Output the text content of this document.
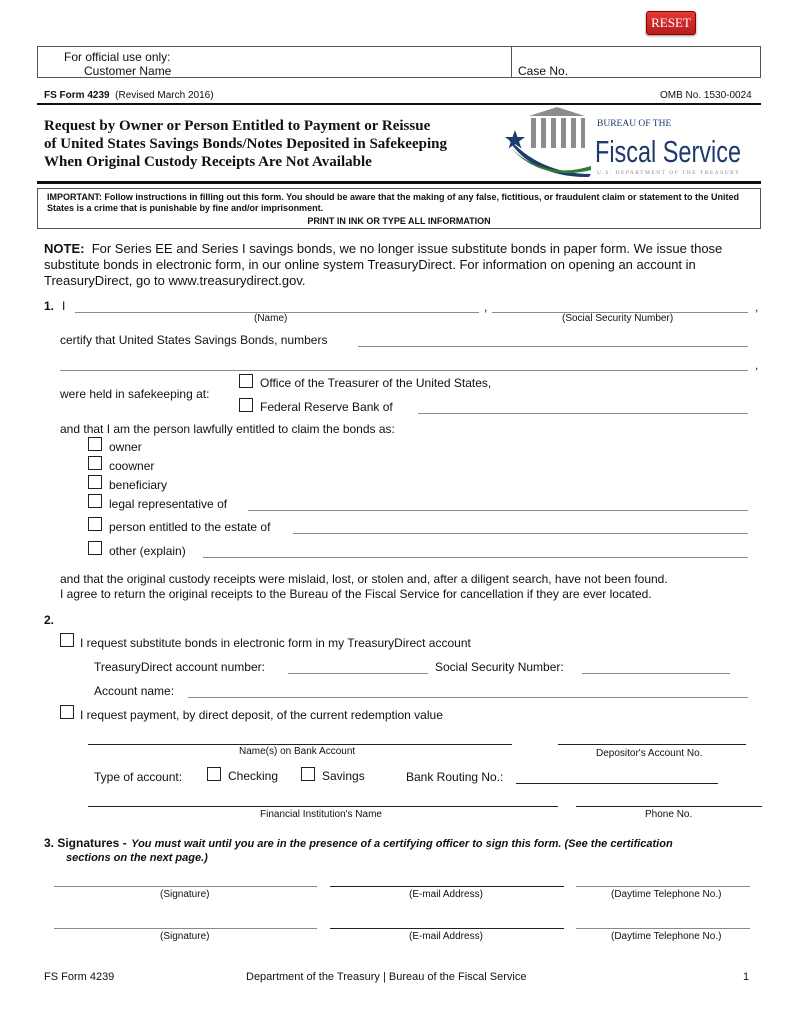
RESET
For official use only:
Customer Name	Case No.
FS Form 4239 (Revised March 2016)	OMB No. 1530-0024
Request by Owner or Person Entitled to Payment or Reissue
of United States Savings Bonds/Notes Deposited in Safekeeping
When Original Custody Receipts Are Not Available
BUREAU OF THE
Fiscal Service
U.S. DEPARTMENT OF THE TREASURY
IMPORTANT: Follow instructions in filling out this form. You should be aware that the making of any false, fictitious, or fraudulent claim or statement to the United States is a crime that is punishable by fine and/or imprisonment.
PRINT IN INK OR TYPE ALL INFORMATION
NOTE: For Series EE and Series I savings bonds, we no longer issue substitute bonds in paper form. We issue those
substitute bonds in electronic form, in our online system TreasuryDirect. For information on opening an account in
TreasuryDirect, go to www.treasurydirect.gov.
1. I	,	,
(Name)	(Social Security Number)
certify that United States Savings Bonds, numbers
,
were held in safekeeping at:
Office of the Treasurer of the United States,
Federal Reserve Bank of
and that I am the person lawfully entitled to claim the bonds as:
owner
coowner
beneficiary
legal representative of
person entitled to the estate of
other (explain)
and that the original custody receipts were mislaid, lost, or stolen and, after a diligent search, have not been found.
I agree to return the original receipts to the Bureau of the Fiscal Service for cancellation if they are ever located.
2.
I request substitute bonds in electronic form in my TreasuryDirect account
TreasuryDirect account number:	Social Security Number:
Account name:
I request payment, by direct deposit, of the current redemption value
Name(s) on Bank Account	Depositor's Account No.
Type of account:	Checking	Savings	Bank Routing No.:
Financial Institution's Name	Phone No.
3. Signatures - You must wait until you are in the presence of a certifying officer to sign this form. (See the certification
sections on the next page.)
(Signature)	(E-mail Address)	(Daytime Telephone No.)
(Signature)	(E-mail Address)	(Daytime Telephone No.)
FS Form 4239	Department of the Treasury | Bureau of the Fiscal Service	1
